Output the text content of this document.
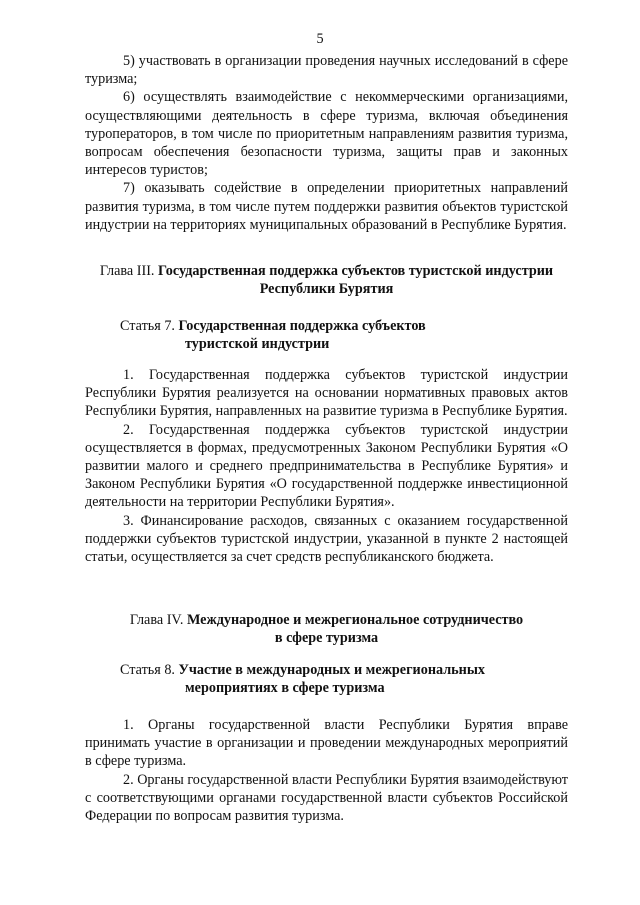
5

5) участвовать в организации проведения научных исследований в сфере туризма;

6) осуществлять взаимодействие с некоммерческими организациями, осуществляющими деятельность в сфере туризма, включая объединения туроператоров, в том числе по приоритетным направлениям развития туризма, вопросам обеспечения безопасности туризма, защиты прав и законных интересов туристов;

7) оказывать содействие в определении приоритетных направлений развития туризма, в том числе путем поддержки развития объектов туристской индустрии на территориях муниципальных образований в Республике Бурятия.

Глава III. Государственная поддержка субъектов туристской индустрии
Республики Бурятия
Статья 7. Государственная поддержка субъектов
туристской индустрии

1. Государственная поддержка субъектов туристской индустрии Республики Бурятия реализуется на основании нормативных правовых актов Республики Бурятия, направленных на развитие туризма в Республике Бурятия.

2. Государственная поддержка субъектов туристской индустрии осуществляется в формах, предусмотренных Законом Республики Бурятия «О развитии малого и среднего предпринимательства в Республике Бурятия» и Законом Республики Бурятия «О государственной поддержке инвестиционной деятельности на территории Республики Бурятия».

3. Финансирование расходов, связанных с оказанием государственной поддержки субъектов туристской индустрии, указанной в пункте 2 настоящей статьи, осуществляется за счет средств республиканского бюджета.

Глава IV. Международное и межрегиональное сотрудничество
в сфере туризма
Статья 8. Участие в международных и межрегиональных
мероприятиях в сфере туризма

1. Органы государственной власти Республики Бурятия вправе принимать участие в организации и проведении международных мероприятий в сфере туризма.

2. Органы государственной власти Республики Бурятия взаимодействуют с соответствующими органами государственной власти субъектов Российской Федерации по вопросам развития туризма.
